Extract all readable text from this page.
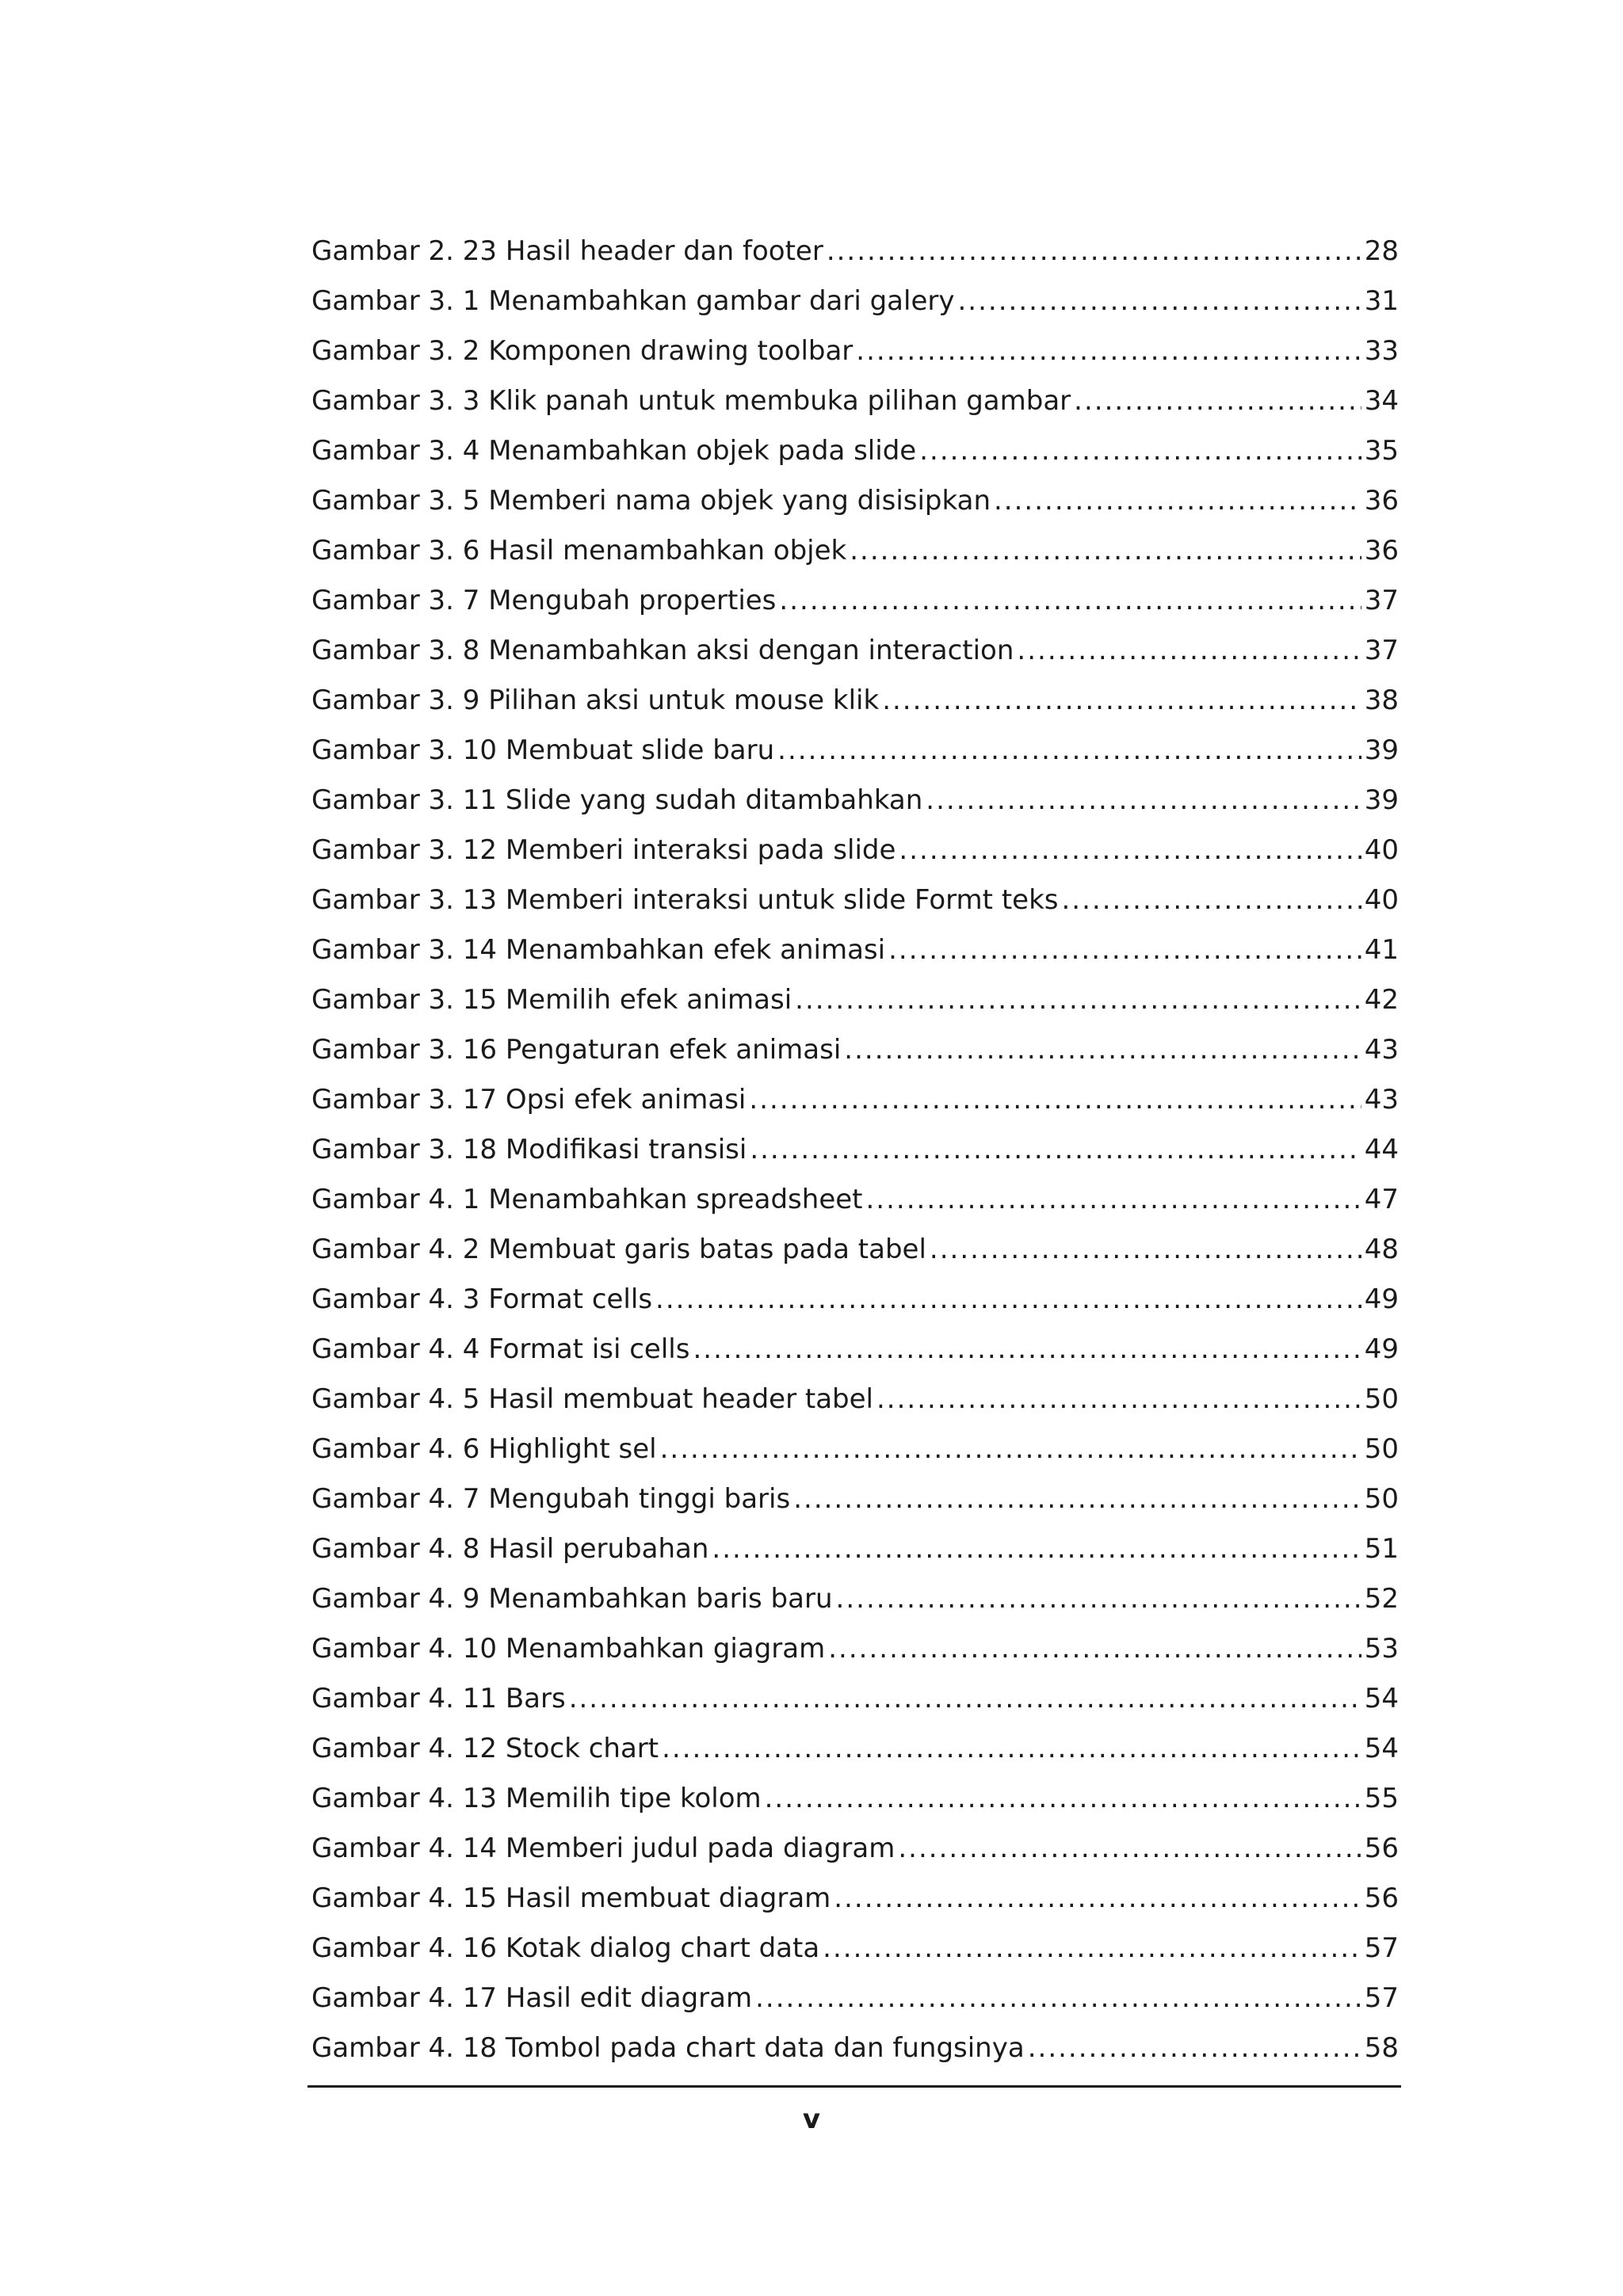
Gambar 2. 23 Hasil header dan footer .....	28
Gambar 3. 1 Menambahkan gambar dari galery .....	31
Gambar 3. 2 Komponen drawing toolbar .....	33
Gambar 3. 3 Klik panah untuk membuka pilihan gambar .....	34
Gambar 3. 4 Menambahkan objek pada slide .....	35
Gambar 3. 5 Memberi nama objek yang disisipkan .....	36
Gambar 3. 6 Hasil menambahkan objek .....	36
Gambar 3. 7 Mengubah properties .....	37
Gambar 3. 8 Menambahkan aksi dengan interaction .....	37
Gambar 3. 9 Pilihan aksi untuk mouse klik .....	38
Gambar 3. 10 Membuat slide baru .....	39
Gambar 3. 11 Slide yang sudah ditambahkan .....	39
Gambar 3. 12 Memberi interaksi pada slide .....	40
Gambar 3. 13 Memberi interaksi untuk slide Formt teks .....	40
Gambar 3. 14 Menambahkan efek animasi .....	41
Gambar 3. 15 Memilih efek animasi .....	42
Gambar 3. 16 Pengaturan efek animasi .....	43
Gambar 3. 17 Opsi efek animasi .....	43
Gambar 3. 18 Modifikasi transisi .....	44
Gambar 4. 1 Menambahkan spreadsheet .....	47
Gambar 4. 2 Membuat garis batas pada tabel .....	48
Gambar 4. 3 Format cells .....	49
Gambar 4. 4 Format isi cells .....	49
Gambar 4. 5 Hasil membuat header tabel .....	50
Gambar 4. 6 Highlight sel .....	50
Gambar 4. 7 Mengubah tinggi baris .....	50
Gambar 4. 8 Hasil perubahan .....	51
Gambar 4. 9 Menambahkan baris baru .....	52
Gambar 4. 10 Menambahkan giagram .....	53
Gambar 4. 11 Bars .....	54
Gambar 4. 12 Stock chart .....	54
Gambar 4. 13 Memilih tipe kolom .....	55
Gambar 4. 14 Memberi judul pada diagram .....	56
Gambar 4. 15 Hasil membuat diagram .....	56
Gambar 4. 16 Kotak dialog chart data .....	57
Gambar 4. 17 Hasil edit diagram .....	57
Gambar 4. 18 Tombol pada chart data dan fungsinya .....	58
v
